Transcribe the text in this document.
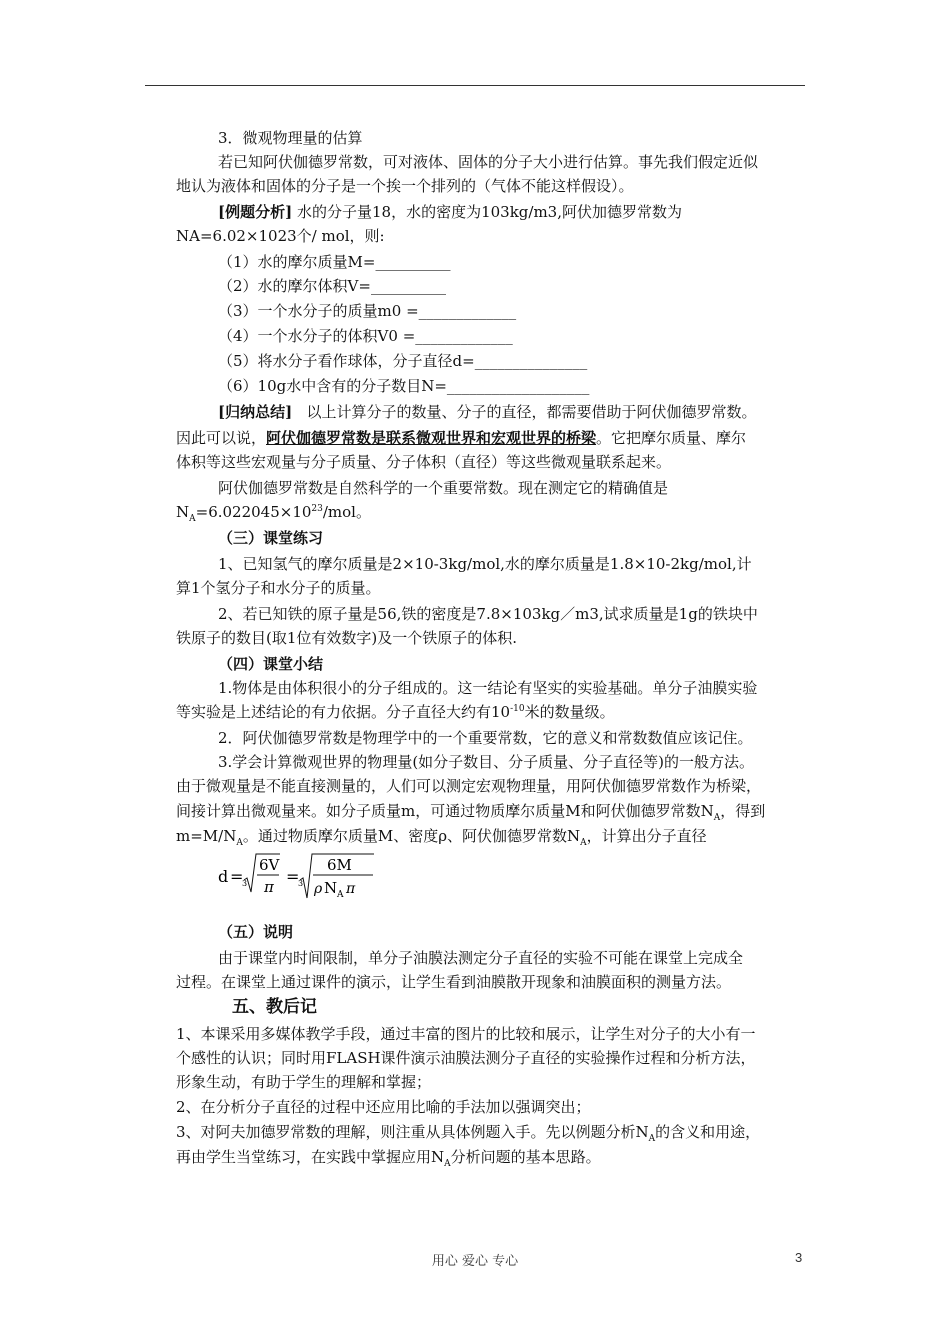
3．微观物理量的估算
若已知阿伏伽德罗常数，可对液体、固体的分子大小进行估算。事先我们假定近似
地认为液体和固体的分子是一个挨一个排列的（气体不能这样假设）。
[例题分析] 水的分子量18，水的密度为103kg/m3,阿伏加德罗常数为
NA=6.02×1023个/ mol，则:
（1）水的摩尔质量M=__________
（2）水的摩尔体积V=__________
（3）一个水分子的质量m0 =_____________
（4）一个水分子的体积V0 =_____________
（5）将水分子看作球体，分子直径d=_______________
（6）10g水中含有的分子数目N=___________________
[归纳总结] 以上计算分子的数量、分子的直径，都需要借助于阿伏伽德罗常数。
因此可以说，阿伏伽德罗常数是联系微观世界和宏观世界的桥梁。它把摩尔质量、摩尔
体积等这些宏观量与分子质量、分子体积（直径）等这些微观量联系起来。
阿伏伽德罗常数是自然科学的一个重要常数。现在测定它的精确值是
$N_A=6.022045\times 10^{23}$/mol。
（三）课堂练习
1、已知氢气的摩尔质量是2×10-3kg/mol,水的摩尔质量是1.8×10-2kg/mol,计
算1个氢分子和水分子的质量。
2、若已知铁的原子量是56,铁的密度是7.8×103kg／m3,试求质量是1g的铁块中
铁原子的数目(取1位有效数字)及一个铁原子的体积.
（四）课堂小结
1.物体是由体积很小的分子组成的。这一结论有坚实的实验基础。单分子油膜实验
等实验是上述结论的有力依据。分子直径大约有$10^{-10}$米的数量级。
2．阿伏伽德罗常数是物理学中的一个重要常数，它的意义和常数数值应该记住。
3.学会计算微观世界的物理量(如分子数目、分子质量、分子直径等)的一般方法。
由于微观量是不能直接测量的，人们可以测定宏观物理量，用阿伏伽德罗常数作为桥梁，
间接计算出微观量来。如分子质量m，可通过物质摩尔质量M和阿伏伽德罗常数$N_A$，得到
$m=M/N_A$。通过物质摩尔质量M、密度ρ、阿伏伽德罗常数$N_A$，计算出分子直径
d =
3
6V
π
=
3
6M
ρ N A π
（五）说明
由于课堂内时间限制，单分子油膜法测定分子直径的实验不可能在课堂上完成全
过程。在课堂上通过课件的演示，让学生看到油膜散开现象和油膜面积的测量方法。
五、教后记
1、本课采用多媒体教学手段，通过丰富的图片的比较和展示，让学生对分子的大小有一
个感性的认识；同时用FLASH课件演示油膜法测分子直径的实验操作过程和分析方法，
形象生动，有助于学生的理解和掌握；
2、在分析分子直径的过程中还应用比喻的手法加以强调突出；
3、对阿夫加德罗常数的理解，则注重从具体例题入手。先以例题分析$N_A$的含义和用途，
再由学生当堂练习，在实践中掌握应用$N_A$分析问题的基本思路。
用心 爱心 专心	3
